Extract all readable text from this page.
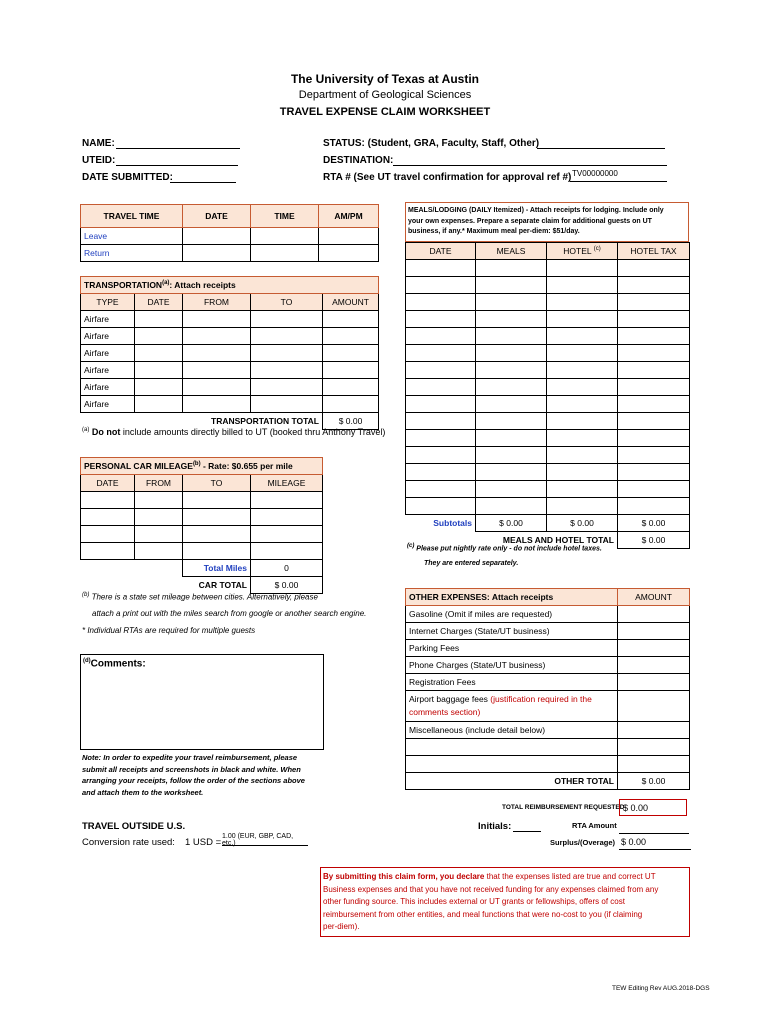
The University of Texas at Austin
Department of Geological Sciences
TRAVEL EXPENSE CLAIM WORKSHEET
NAME:
UTEID:
DATE SUBMITTED:
STATUS: (Student, GRA, Faculty, Staff, Other)
DESTINATION:
RTA # (See UT travel confirmation for approval ref #) TV00000000
TRAVEL TIME	DATE	TIME	AM/PM
Leave			
Return			
TRANSPORTATION$^{(a)}$: Attach receipts				
TYPE	DATE	FROM	TO	AMOUNT
Airfare				
Airfare				
Airfare				
Airfare				
Airfare				
Airfare				
TRANSPORTATION TOTAL				$ 0.00
$^{(a)}$ Do not include amounts directly billed to UT (booked thru Anthony Travel)
PERSONAL CAR MILEAGE$^{(b)}$ - Rate: $0.655 per mile			
DATE	FROM	TO	MILEAGE

		Total Miles	0
		CAR TOTAL	$ 0.00
$^{(b)}$ There is a state set mileage between cities. Alternatively, please
attach a print out with the miles search from google or another search engine.
* Individual RTAs are required for multiple guests
$^{(d)}$Comments:
Note: In order to expedite your travel reimbursement, please
submit all receipts and screenshots in black and white. When
arranging your receipts, follow the order of the sections above
and attach them to the worksheet.
TRAVEL OUTSIDE U.S.
Conversion rate used: 1 USD =
1.00 (EUR, GBP, CAD, etc.)
MEALS/LODGING (DAILY Itemized) - Attach receipts for lodging. Include only
your own expenses. Prepare a separate claim for additional guests on UT
business, if any.* Maximum meal per-diem: $51/day.
DATE	MEALS	HOTEL $^{(c)}$	HOTEL TAX

Subtotals	$ 0.00	$ 0.00	$ 0.00
MEALS AND HOTEL TOTAL			$ 0.00
$^{(c)}$ Please put nightly rate only - do not include hotel taxes.
They are entered separately.
OTHER EXPENSES: Attach receipts	AMOUNT
Gasoline (Omit if miles are requested)	
Internet Charges (State/UT business)	
Parking Fees	
Phone Charges (State/UT business)	
Registration Fees	
Airport baggage fees (justification required in the
comments section)	
Miscellaneous (include detail below)	

OTHER TOTAL	$ 0.00
TOTAL REIMBURSEMENT REQUESTED
$ 0.00
Initials:	RTA Amount
Surplus/(Overage) $ 0.00
By submitting this claim form, you declare that the expenses listed are true and correct UT
Business expenses and that you have not received funding for any expenses claimed from any
other funding source. This includes external or UT grants or fellowships, offers of cost
reimbursement from other entities, and meal functions that were no-cost to you (if claiming
per-diem).
TEW Editing Rev AUG.2018-DGS
